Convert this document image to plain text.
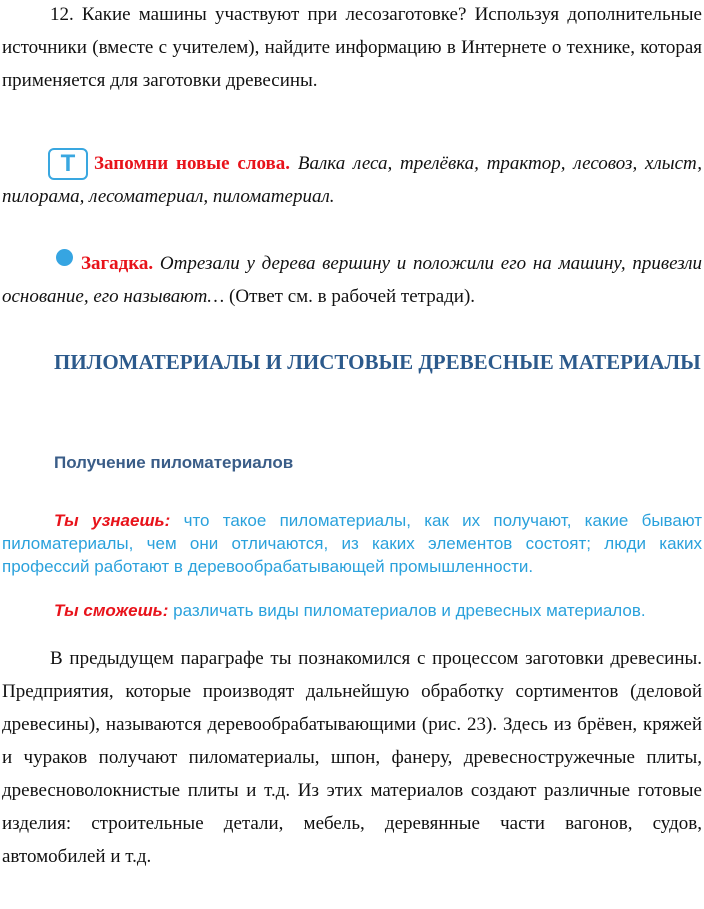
12. Какие машины участвуют при лесозаготовке? Используя дополнительные источники (вместе с учителем), найдите информацию в Интернете о технике, которая применяется для заготовки древесины.
T Запомни новые слова. Валка леса, трелёвка, трактор, лесовоз, хлыст, пилорама, лесоматериал, пиломатериал.
Загадка. Отрезали у дерева вершину и положили его на машину, привезли основание, его называют… (Ответ см. в рабочей тетради).
ПИЛОМАТЕРИАЛЫ И ЛИСТОВЫЕ ДРЕВЕСНЫЕ МАТЕРИАЛЫ
Получение пиломатериалов
Ты узнаешь: что такое пиломатериалы, как их получают, какие бывают пиломатериалы, чем они отличаются, из каких элементов состоят; люди каких профессий работают в деревообрабатывающей промышленности.
Ты сможешь: различать виды пиломатериалов и древесных материалов.
В предыдущем параграфе ты познакомился с процессом заготовки древесины. Предприятия, которые производят дальнейшую обработку сортиментов (деловой древесины), называются деревообрабатывающими (рис. 23). Здесь из брёвен, кряжей и чураков получают пиломатериалы, шпон, фанеру, древесностружечные плиты, древесноволокнистые плиты и т.д. Из этих материалов создают различные готовые изделия: строительные детали, мебель, деревянные части вагонов, судов, автомобилей и т.д.
